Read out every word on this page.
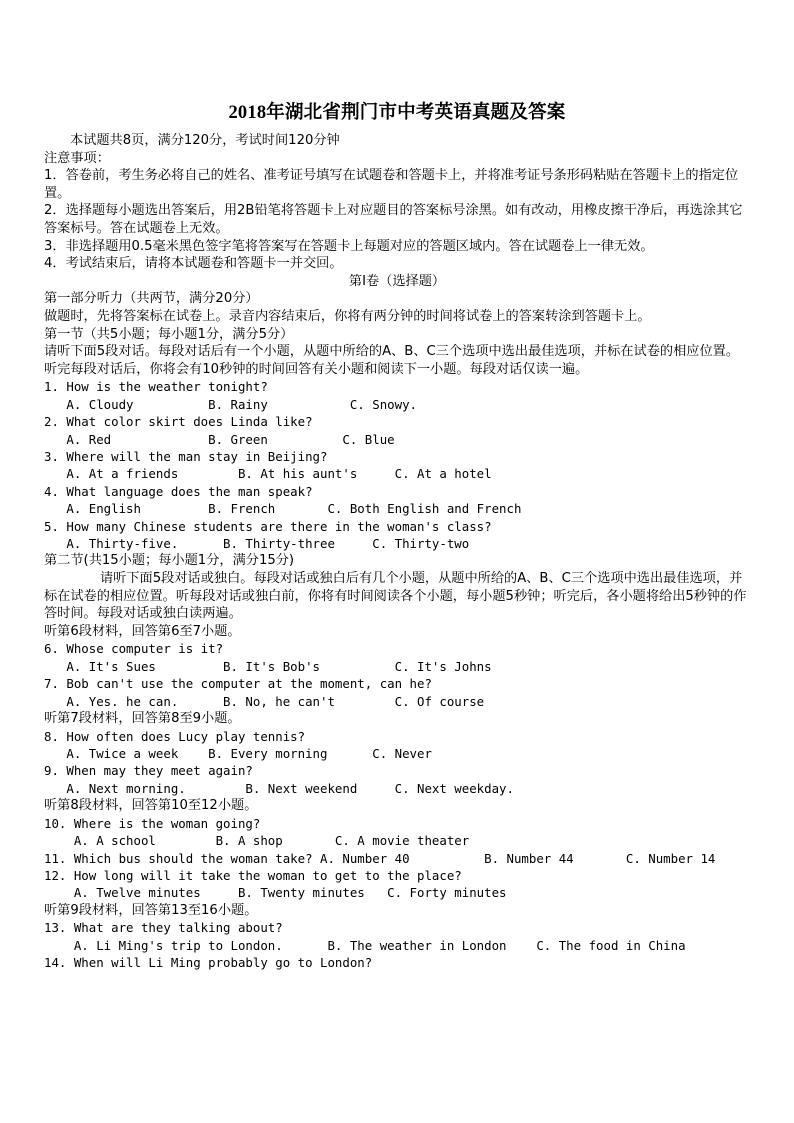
2018年湖北省荆门市中考英语真题及答案
本试题共8页，满分120分，考试时间120分钟
注意事项：
1．答卷前，考生务必将自己的姓名、准考证号填写在试题卷和答题卡上，并将准考证号条形码粘贴在答题卡上的指定位置。
2．选择题每小题选出答案后，用2B铅笔将答题卡上对应题目的答案标号涂黑。如有改动，用橡皮擦干净后，再选涂其它答案标号。答在试题卷上无效。
3．非选择题用0.5毫米黑色签字笔将答案写在答题卡上每题对应的答题区域内。答在试题卷上一律无效。
4．考试结束后，请将本试题卷和答题卡一并交回。
第I卷（选择题）
第一部分听力（共两节，满分20分）
做题时，先将答案标在试卷上。录音内容结束后，你将有两分钟的时间将试卷上的答案转涂到答题卡上。
第一节（共5小题；每小题1分，满分5分）
请听下面5段对话。每段对话后有一个小题，从题中所给的A、B、C三个选项中选出最佳选项，并标在试卷的相应位置。听完每段对话后，你将会有10秒钟的时间回答有关小题和阅读下一小题。每段对话仅读一遍。
1. How is the weather tonight?
A. Cloudy          B. Rainy           C. Snowy.
2. What color skirt does Linda like?
A. Red             B. Green          C. Blue
3. Where will the man stay in Beijing?
A. At a friends        B. At his aunt's     C. At a hotel
4. What language does the man speak?
A. English         B. French       C. Both English and French
5. How many Chinese students are there in the woman's class?
A. Thirty-five.      B. Thirty-three     C. Thirty-two
第二节(共15小题；每小题1分，满分15分)
请听下面5段对话或独白。每段对话或独白后有几个小题，从题中所给的A、B、C三个选项中选出最佳选项，并标在试卷的相应位置。听每段对话或独白前，你将有时间阅读各个小题，每小题5秒钟；听完后，各小题将给出5秒钟的作答时间。每段对话或独白读两遍。
听第6段材料，回答第6至7小题。
6. Whose computer is it?
A. It's Sues         B. It's Bob's          C. It's Johns
7. Bob can't use the computer at the moment, can he?
A. Yes. he can.      B. No, he can't        C. Of course
听第7段材料，回答第8至9小题。
8. How often does Lucy play tennis?
A. Twice a week    B. Every morning      C. Never
9. When may they meet again?
A. Next morning.        B. Next weekend     C. Next weekday.
听第8段材料，回答第10至12小题。
10. Where is the woman going?
A. A school        B. A shop       C. A movie theater
11. Which bus should the woman take? A. Number 40          B. Number 44       C. Number 14
12. How long will it take the woman to get to the place?
A. Twelve minutes     B. Twenty minutes   C. Forty minutes
听第9段材料，回答第13至16小题。
13. What are they talking about?
A. Li Ming's trip to London.      B. The weather in London    C. The food in China
14. When will Li Ming probably go to London?
